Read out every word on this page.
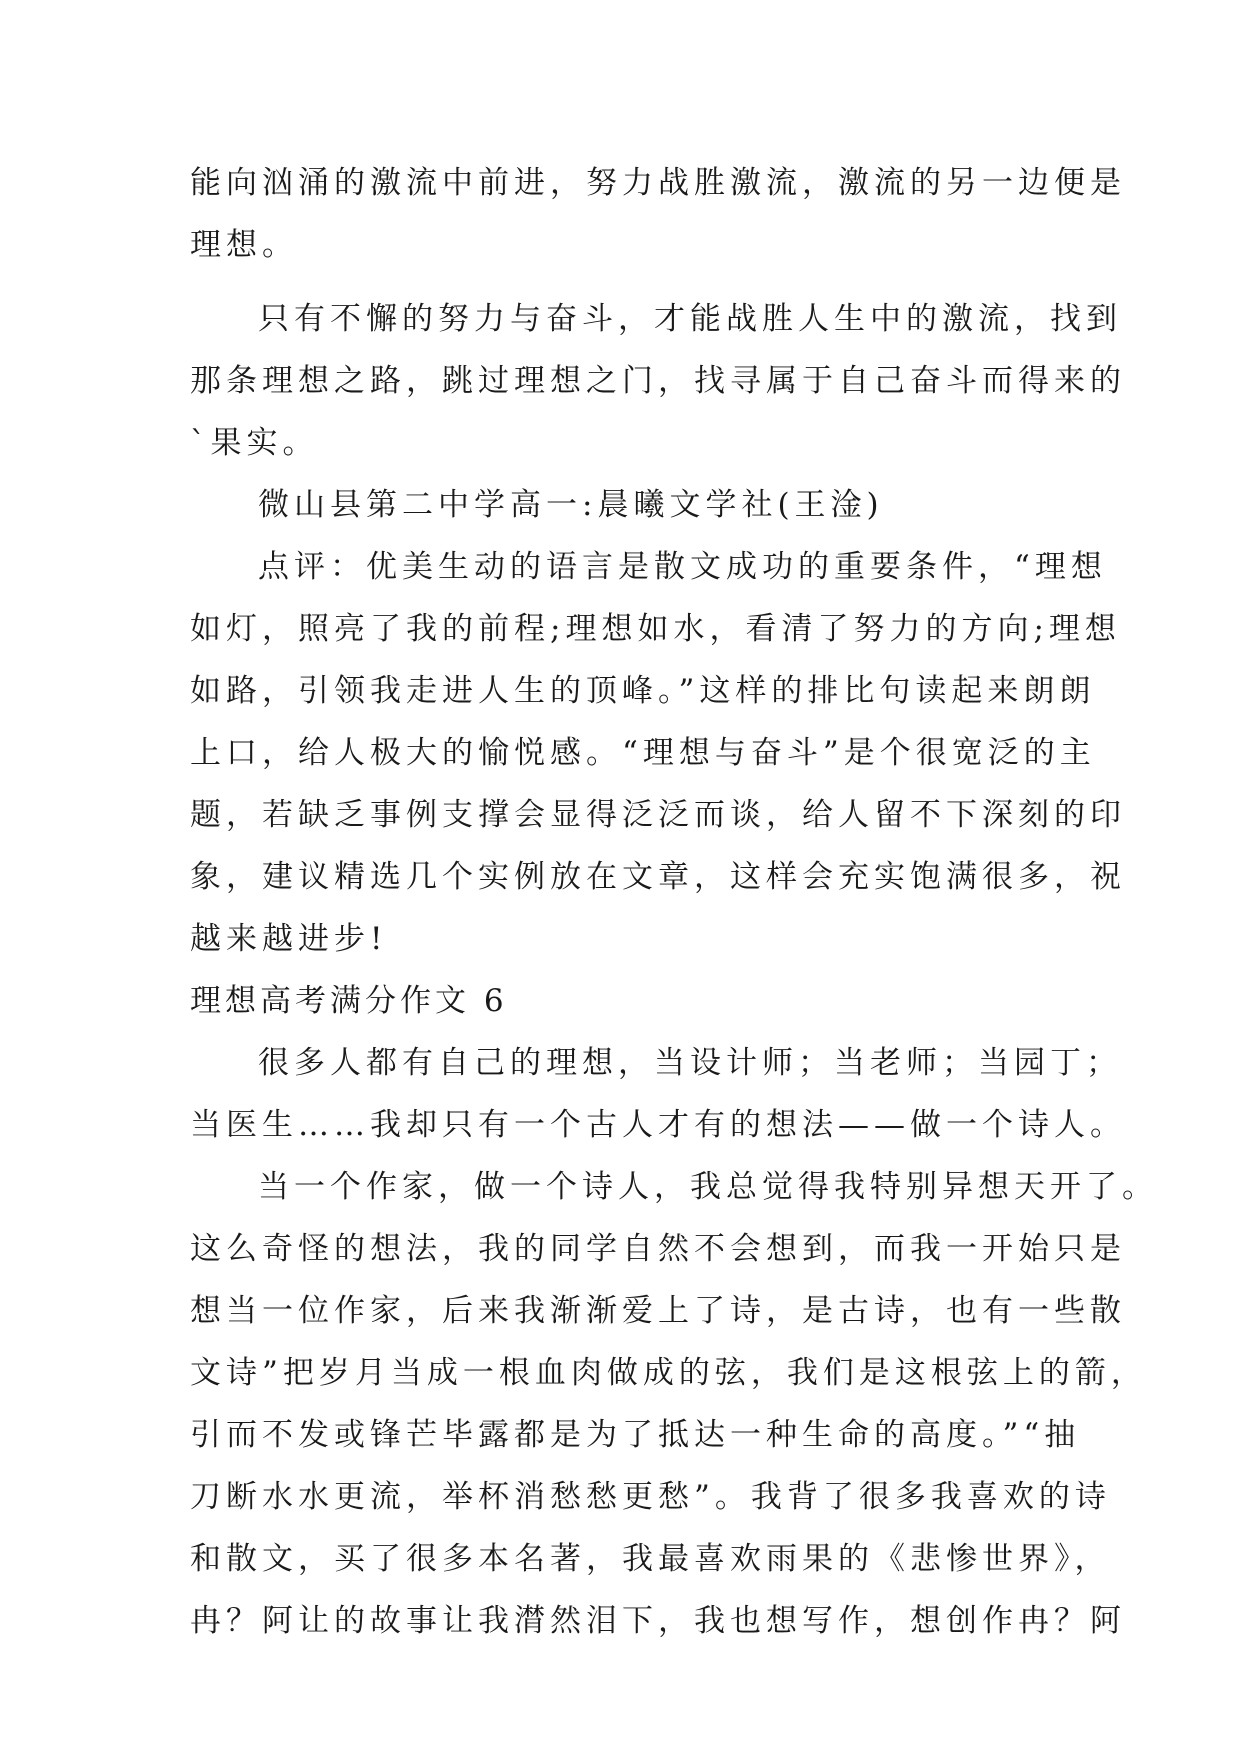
能向汹涌的激流中前进，努力战胜激流，激流的另一边便是
理想。
只有不懈的努力与奋斗，才能战胜人生中的激流，找到
那条理想之路，跳过理想之门，找寻属于自己奋斗而得来的
`果实。
微山县第二中学高一:晨曦文学社(王淦)
点评：优美生动的语言是散文成功的重要条件，“理想
如灯，照亮了我的前程;理想如水，看清了努力的方向;理想
如路，引领我走进人生的顶峰。”这样的排比句读起来朗朗
上口，给人极大的愉悦感。“理想与奋斗”是个很宽泛的主
题，若缺乏事例支撑会显得泛泛而谈，给人留不下深刻的印
象，建议精选几个实例放在文章，这样会充实饱满很多，祝
越来越进步!
理想高考满分作文 6
很多人都有自己的理想，当设计师；当老师；当园丁；
当医生……我却只有一个古人才有的想法——做一个诗人。
当一个作家，做一个诗人，我总觉得我特别异想天开了。
这么奇怪的想法，我的同学自然不会想到，而我一开始只是
想当一位作家，后来我渐渐爱上了诗，是古诗，也有一些散
文诗”把岁月当成一根血肉做成的弦，我们是这根弦上的箭，
引而不发或锋芒毕露都是为了抵达一种生命的高度。”“抽
刀断水水更流，举杯消愁愁更愁”。我背了很多我喜欢的诗
和散文，买了很多本名著，我最喜欢雨果的《悲惨世界》，
冉？阿让的故事让我潸然泪下，我也想写作，想创作冉？阿
